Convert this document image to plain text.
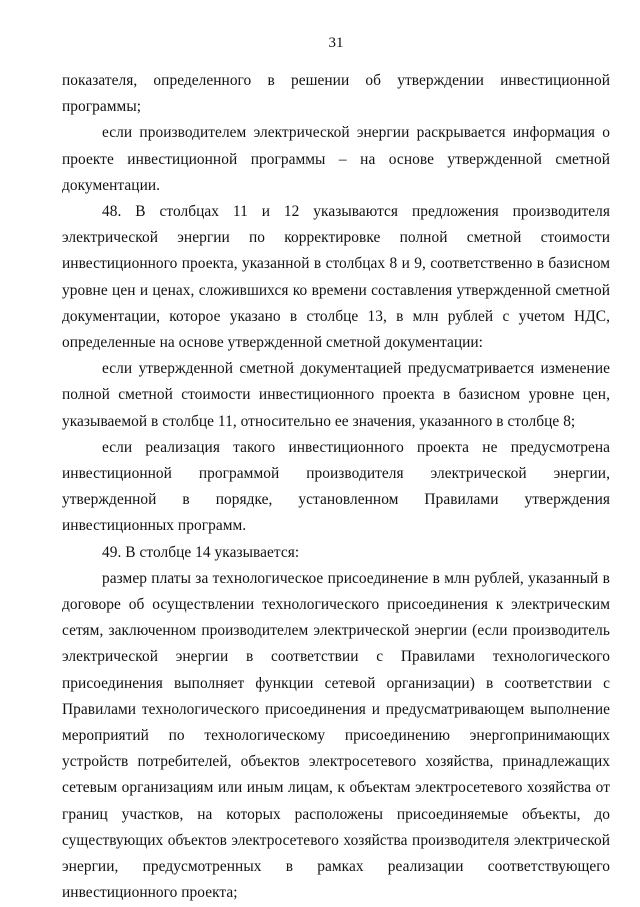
31

показателя, определенного в решении об утверждении инвестиционной программы;

если производителем электрической энергии раскрывается информация о проекте инвестиционной программы – на основе утвержденной сметной документации.

48. В столбцах 11 и 12 указываются предложения производителя электрической энергии по корректировке полной сметной стоимости инвестиционного проекта, указанной в столбцах 8 и 9, соответственно в базисном уровне цен и ценах, сложившихся ко времени составления утвержденной сметной документации, которое указано в столбце 13, в млн рублей с учетом НДС, определенные на основе утвержденной сметной документации:

если утвержденной сметной документацией предусматривается изменение полной сметной стоимости инвестиционного проекта в базисном уровне цен, указываемой в столбце 11, относительно ее значения, указанного в столбце 8;

если реализация такого инвестиционного проекта не предусмотрена инвестиционной программой производителя электрической энергии, утвержденной в порядке, установленном Правилами утверждения инвестиционных программ.

49. В столбце 14 указывается:

размер платы за технологическое присоединение в млн рублей, указанный в договоре об осуществлении технологического присоединения к электрическим сетям, заключенном производителем электрической энергии (если производитель электрической энергии в соответствии с Правилами технологического присоединения выполняет функции сетевой организации) в соответствии с Правилами технологического присоединения и предусматривающем выполнение мероприятий по технологическому присоединению энергопринимающих устройств потребителей, объектов электросетевого хозяйства, принадлежащих сетевым организациям или иным лицам, к объектам электросетевого хозяйства от границ участков, на которых расположены присоединяемые объекты, до существующих объектов электросетевого хозяйства производителя электрической энергии, предусмотренных в рамках реализации соответствующего инвестиционного проекта;
